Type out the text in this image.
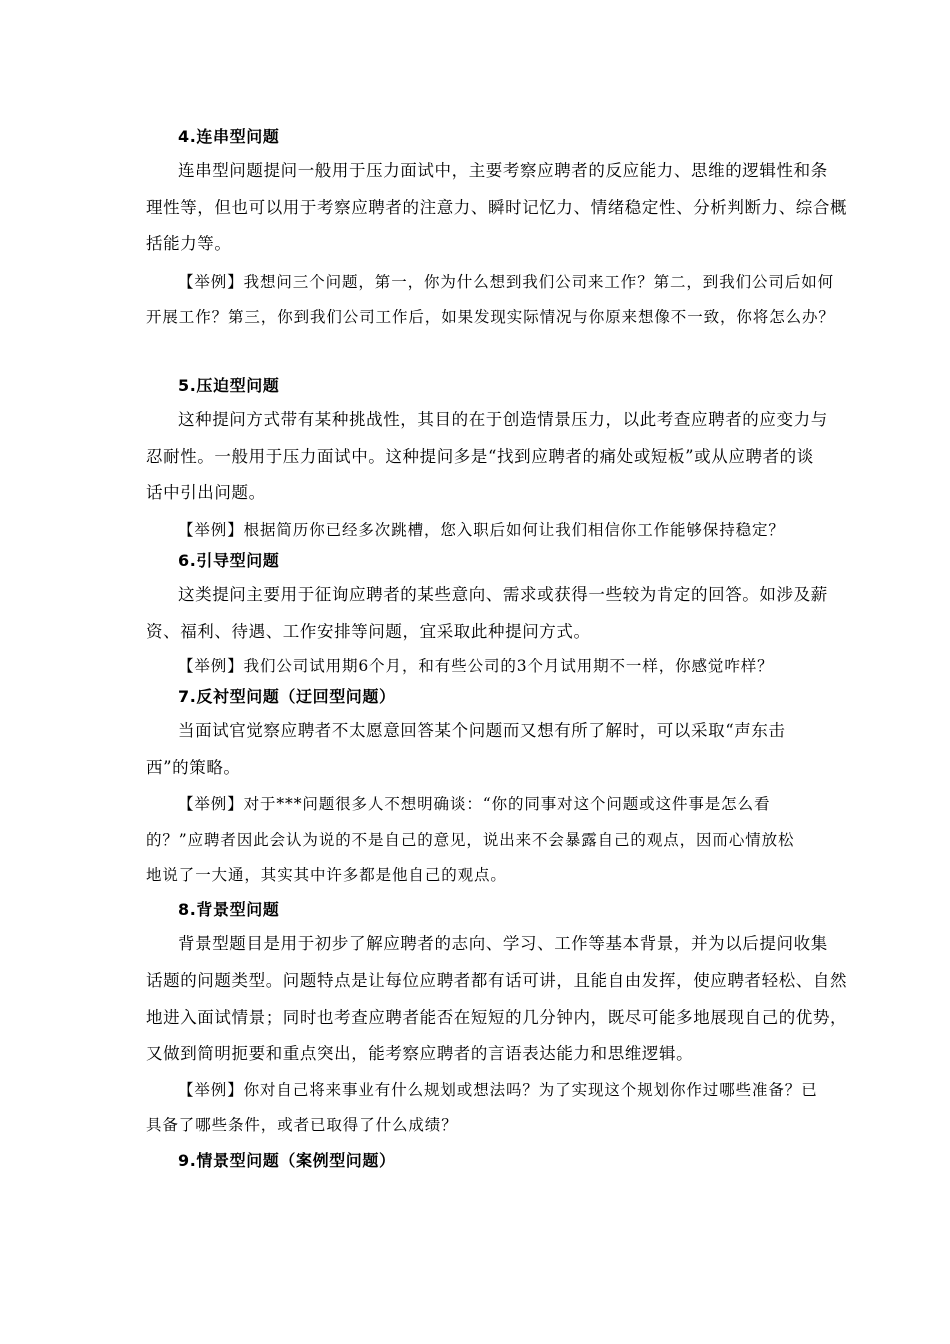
4.连串型问题
连串型问题提问一般用于压力面试中，主要考察应聘者的反应能力、思维的逻辑性和条
理性等，但也可以用于考察应聘者的注意力、瞬时记忆力、情绪稳定性、分析判断力、综合概
括能力等。
【举例】我想问三个问题，第一，你为什么想到我们公司来工作？第二，到我们公司后如何
开展工作？第三，你到我们公司工作后，如果发现实际情况与你原来想像不一致，你将怎么办？
5.压迫型问题
这种提问方式带有某种挑战性，其目的在于创造情景压力，以此考查应聘者的应变力与
忍耐性。一般用于压力面试中。这种提问多是“找到应聘者的痛处或短板”或从应聘者的谈
话中引出问题。
【举例】根据简历你已经多次跳槽，您入职后如何让我们相信你工作能够保持稳定？
6.引导型问题
这类提问主要用于征询应聘者的某些意向、需求或获得一些较为肯定的回答。如涉及薪
资、福利、待遇、工作安排等问题，宜采取此种提问方式。
【举例】我们公司试用期6个月，和有些公司的3个月试用期不一样，你感觉咋样？
7.反衬型问题（迂回型问题）
当面试官觉察应聘者不太愿意回答某个问题而又想有所了解时，可以采取“声东击
西”的策略。
【举例】对于***问题很多人不想明确谈：“你的同事对这个问题或这件事是怎么看
的？”应聘者因此会认为说的不是自己的意见，说出来不会暴露自己的观点，因而心情放松
地说了一大通，其实其中许多都是他自己的观点。
8.背景型问题
背景型题目是用于初步了解应聘者的志向、学习、工作等基本背景，并为以后提问收集
话题的问题类型。问题特点是让每位应聘者都有话可讲，且能自由发挥，使应聘者轻松、自然
地进入面试情景；同时也考查应聘者能否在短短的几分钟内，既尽可能多地展现自己的优势，
又做到简明扼要和重点突出，能考察应聘者的言语表达能力和思维逻辑。
【举例】你对自己将来事业有什么规划或想法吗？为了实现这个规划你作过哪些准备？已
具备了哪些条件，或者已取得了什么成绩？
9.情景型问题（案例型问题）
